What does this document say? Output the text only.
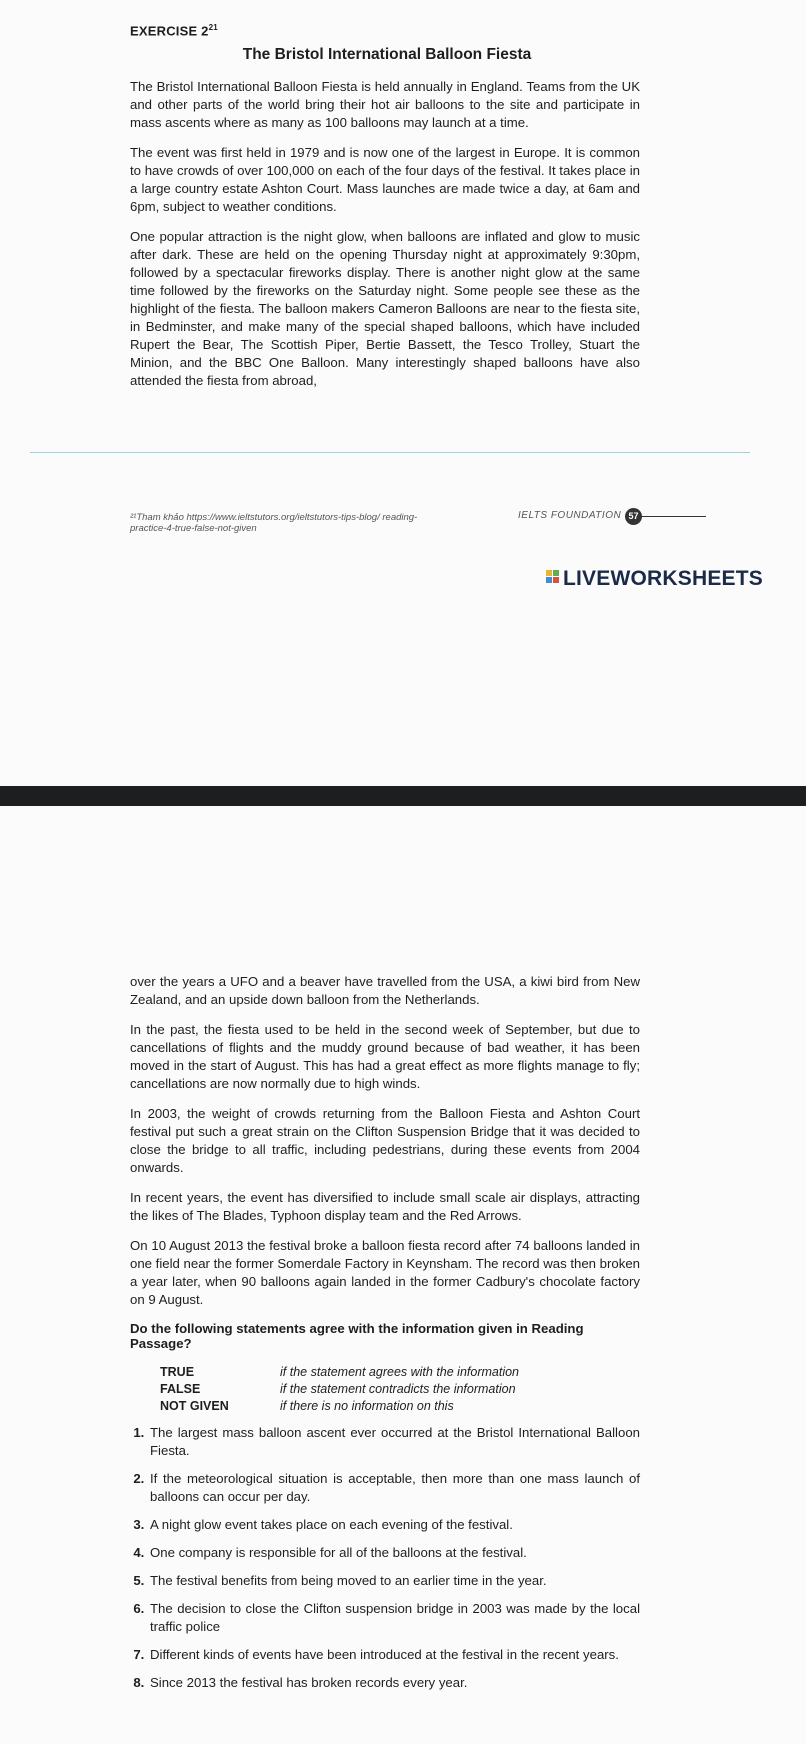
EXERCISE $2^{21}$
The Bristol International Balloon Fiesta

The Bristol International Balloon Fiesta is held annually in England. Teams from the UK and other parts of the world bring their hot air balloons to the site and participate in mass ascents where as many as 100 balloons may launch at a time.

The event was first held in 1979 and is now one of the largest in Europe. It is common to have crowds of over 100,000 on each of the four days of the festival. It takes place in a large country estate Ashton Court. Mass launches are made twice a day, at 6am and 6pm, subject to weather conditions.

One popular attraction is the night glow, when balloons are inflated and glow to music after dark. These are held on the opening Thursday night at approximately 9:30pm, followed by a spectacular fireworks display. There is another night glow at the same time followed by the fireworks on the Saturday night. Some people see these as the highlight of the fiesta. The balloon makers Cameron Balloons are near to the fiesta site, in Bedminster, and make many of the special shaped balloons, which have included Rupert the Bear, The Scottish Piper, Bertie Bassett, the Tesco Trolley, Stuart the Minion, and the BBC One Balloon. Many interestingly shaped balloons have also attended the fiesta from abroad,

²¹Tham khảo https://www.ieltstutors.org/ieltstutors-tips-blog/ reading-practice-4-true-false-not-given
IELTS FOUNDATION 57
LIVEWORKSHEETS

over the years a UFO and a beaver have travelled from the USA, a kiwi bird from New Zealand, and an upside down balloon from the Netherlands.

In the past, the fiesta used to be held in the second week of September, but due to cancellations of flights and the muddy ground because of bad weather, it has been moved in the start of August. This has had a great effect as more flights manage to fly; cancellations are now normally due to high winds.

In 2003, the weight of crowds returning from the Balloon Fiesta and Ashton Court festival put such a great strain on the Clifton Suspension Bridge that it was decided to close the bridge to all traffic, including pedestrians, during these events from 2004 onwards.

In recent years, the event has diversified to include small scale air displays, attracting the likes of The Blades, Typhoon display team and the Red Arrows.

On 10 August 2013 the festival broke a balloon fiesta record after 74 balloons landed in one field near the former Somerdale Factory in Keynsham. The record was then broken a year later, when 90 balloons again landed in the former Cadbury's chocolate factory on 9 August.

Do the following statements agree with the information given in Reading Passage?
TRUE	if the statement agrees with the information
FALSE	if the statement contradicts the information
NOT GIVEN	if there is no information on this
1. The largest mass balloon ascent ever occurred at the Bristol International Balloon Fiesta.
2. If the meteorological situation is acceptable, then more than one mass launch of balloons can occur per day.
3. A night glow event takes place on each evening of the festival.
4. One company is responsible for all of the balloons at the festival.
5. The festival benefits from being moved to an earlier time in the year.
6. The decision to close the Clifton suspension bridge in 2003 was made by the local traffic police
7. Different kinds of events have been introduced at the festival in the recent years.
8. Since 2013 the festival has broken records every year.
